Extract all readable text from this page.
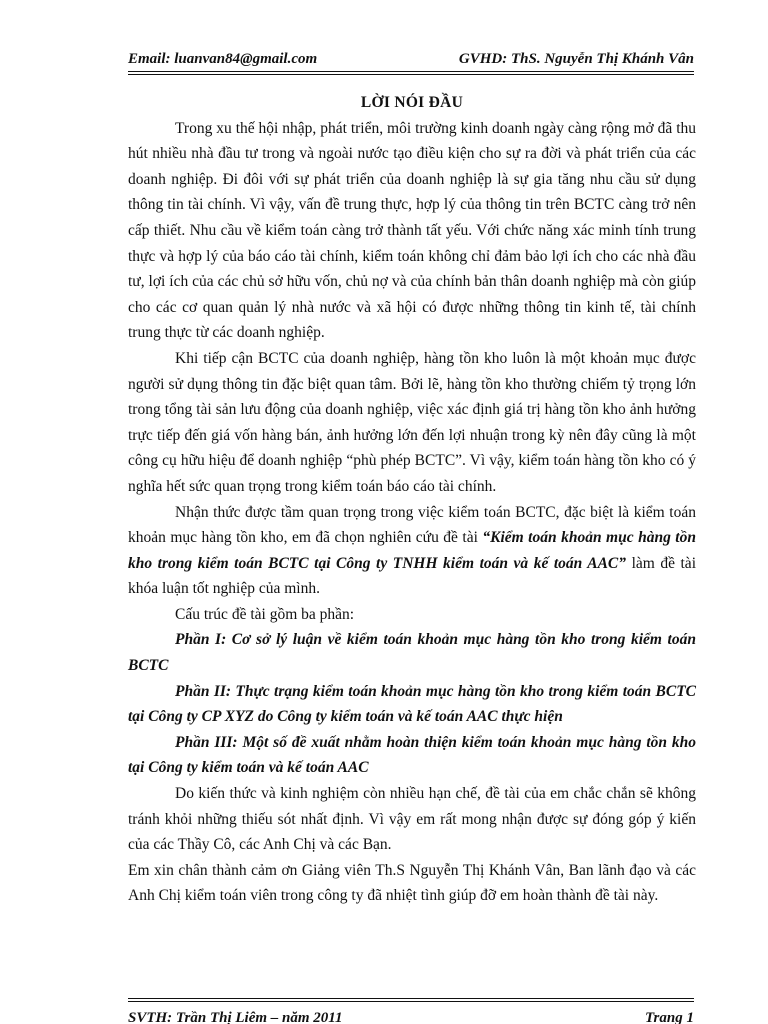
Email: luanvan84@gmail.com	GVHD: ThS. Nguyễn Thị Khánh Vân

LỜI NÓI ĐẦU

Trong xu thế hội nhập, phát triển, môi trường kinh doanh ngày càng rộng mở đã thu hút nhiều nhà đầu tư trong và ngoài nước tạo điều kiện cho sự ra đời và phát triển của các doanh nghiệp. Đi đôi với sự phát triển của doanh nghiệp là sự gia tăng nhu cầu sử dụng thông tin tài chính. Vì vậy, vấn đề trung thực, hợp lý của thông tin trên BCTC càng trở nên cấp thiết. Nhu cầu về kiểm toán càng trở thành tất yếu. Với chức năng xác minh tính trung thực và hợp lý của báo cáo tài chính, kiểm toán không chỉ đảm bảo lợi ích cho các nhà đầu tư, lợi ích của các chủ sở hữu vốn, chủ nợ và của chính bản thân doanh nghiệp mà còn giúp cho các cơ quan quản lý nhà nước và xã hội có được những thông tin kinh tế, tài chính trung thực từ các doanh nghiệp.

Khi tiếp cận BCTC của doanh nghiệp, hàng tồn kho luôn là một khoản mục được người sử dụng thông tin đặc biệt quan tâm. Bởi lẽ, hàng tồn kho thường chiếm tỷ trọng lớn trong tổng tài sản lưu động của doanh nghiệp, việc xác định giá trị hàng tồn kho ảnh hưởng trực tiếp đến giá vốn hàng bán, ảnh hưởng lớn đến lợi nhuận trong kỳ nên đây cũng là một công cụ hữu hiệu để doanh nghiệp “phù phép BCTC”. Vì vậy, kiểm toán hàng tồn kho có ý nghĩa hết sức quan trọng trong kiểm toán báo cáo tài chính.

Nhận thức được tầm quan trọng trong việc kiểm toán BCTC, đặc biệt là kiểm toán khoản mục hàng tồn kho, em đã chọn nghiên cứu đề tài “Kiểm toán khoản mục hàng tồn kho trong kiểm toán BCTC tại Công ty TNHH kiểm toán và kế toán AAC” làm đề tài khóa luận tốt nghiệp của mình.

Cấu trúc đề tài gồm ba phần:

Phần I: Cơ sở lý luận về kiểm toán khoản mục hàng tồn kho trong kiểm toán BCTC

Phần II: Thực trạng kiểm toán khoản mục hàng tồn kho trong kiểm toán BCTC tại Công ty CP XYZ do Công ty kiểm toán và kế toán AAC thực hiện

Phần III: Một số đề xuất nhằm hoàn thiện kiểm toán khoản mục hàng tồn kho tại Công ty kiểm toán và kế toán AAC

Do kiến thức và kinh nghiệm còn nhiều hạn chế, đề tài của em chắc chắn sẽ không tránh khỏi những thiếu sót nhất định. Vì vậy em rất mong nhận được sự đóng góp ý kiến của các Thầy Cô, các Anh Chị và các Bạn.

Em xin chân thành cảm ơn Giảng viên Th.S Nguyễn Thị Khánh Vân, Ban lãnh đạo và các Anh Chị kiểm toán viên trong công ty đã nhiệt tình giúp đỡ em hoàn thành đề tài này.

SVTH: Trần Thị Liêm – năm 2011	Trang 1
